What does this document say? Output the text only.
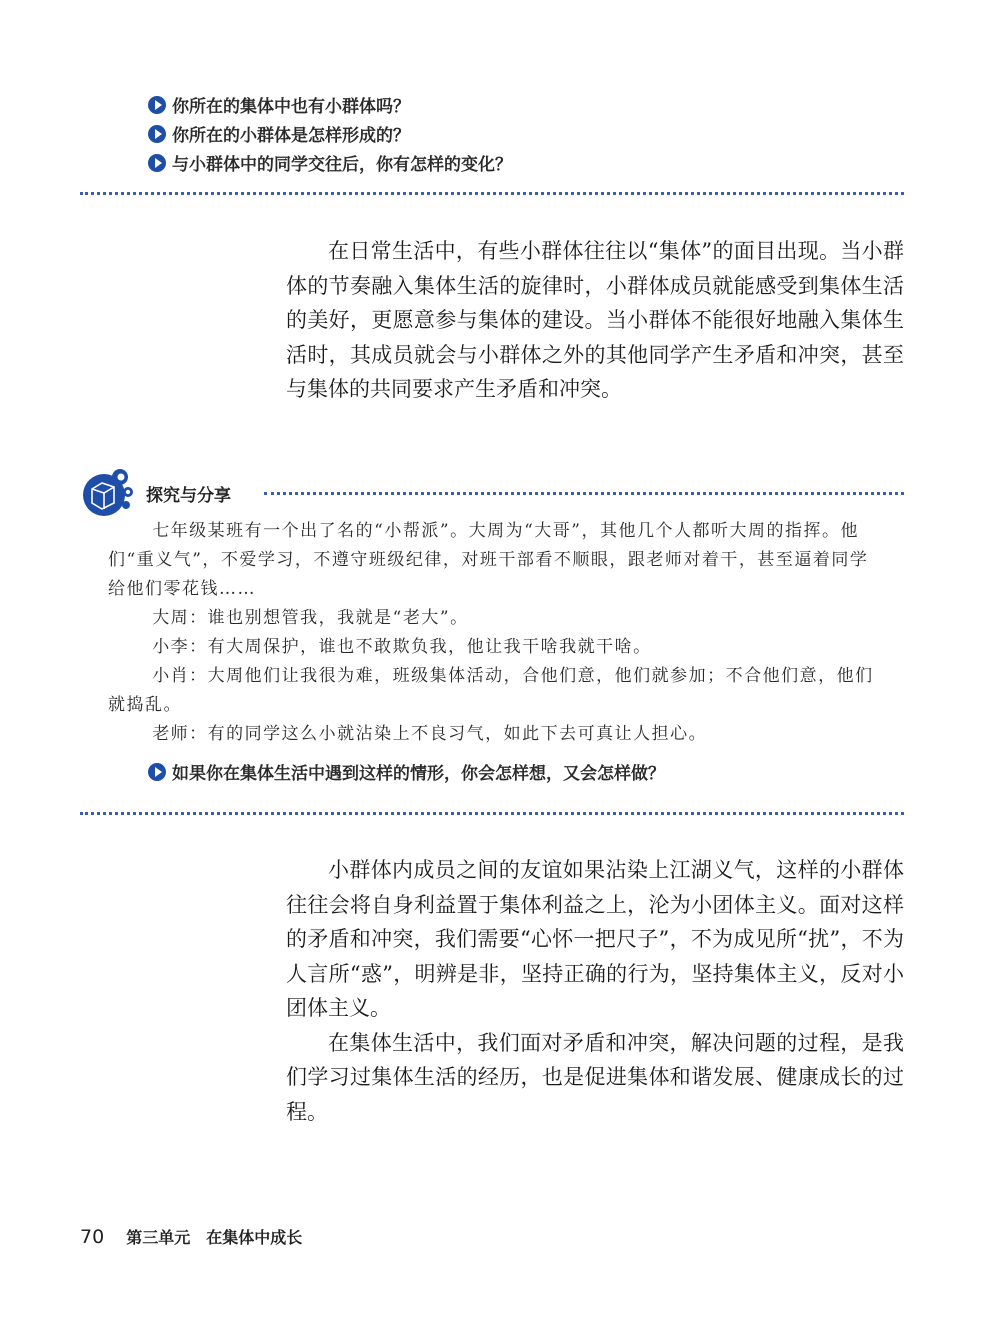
你所在的集体中也有小群体吗？
你所在的小群体是怎样形成的？
与小群体中的同学交往后，你有怎样的变化？

在日常生活中，有些小群体往往以“集体”的面目出现。当小群体的节奏融入集体生活的旋律时，小群体成员就能感受到集体生活的美好，更愿意参与集体的建设。当小群体不能很好地融入集体生活时，其成员就会与小群体之外的其他同学产生矛盾和冲突，甚至与集体的共同要求产生矛盾和冲突。

探究与分享

七年级某班有一个出了名的“小帮派”。大周为“大哥”，其他几个人都听大周的指挥。他们“重义气”，不爱学习，不遵守班级纪律，对班干部看不顺眼，跟老师对着干，甚至逼着同学给他们零花钱……

大周：谁也别想管我，我就是“老大”。

小李：有大周保护，谁也不敢欺负我，他让我干啥我就干啥。

小肖：大周他们让我很为难，班级集体活动，合他们意，他们就参加；不合他们意，他们就捣乱。

老师：有的同学这么小就沾染上不良习气，如此下去可真让人担心。

如果你在集体生活中遇到这样的情形，你会怎样想，又会怎样做？

小群体内成员之间的友谊如果沾染上江湖义气，这样的小群体往往会将自身利益置于集体利益之上，沦为小团体主义。面对这样的矛盾和冲突，我们需要“心怀一把尺子”，不为成见所“扰”，不为人言所“惑”，明辨是非，坚持正确的行为，坚持集体主义，反对小团体主义。

在集体生活中，我们面对矛盾和冲突，解决问题的过程，是我们学习过集体生活的经历，也是促进集体和谐发展、健康成长的过程。

70 第三单元 在集体中成长
